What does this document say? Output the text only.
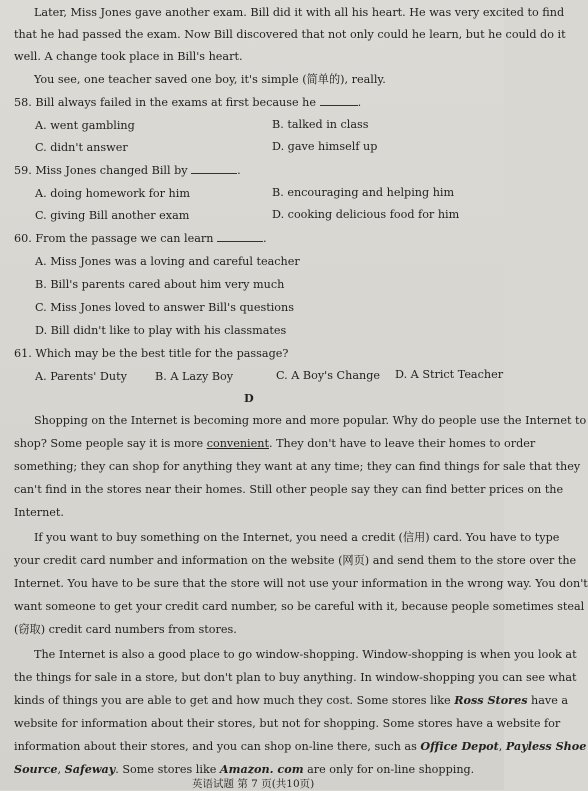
Later, Miss Jones gave another exam. Bill did it with all his heart. He was very excited to find
that he had passed the exam. Now Bill discovered that not only could he learn, but he could do it
well. A change took place in Bill's heart.
You see, one teacher saved one boy, it's simple (简单的), really.
58. Bill always failed in the exams at first because he	.
A. went gambling	B. talked in class
C. didn't answer	D. gave himself up
59. Miss Jones changed Bill by	.
A. doing homework for him	B. encouraging and helping him
C. giving Bill another exam	D. cooking delicious food for him
60. From the passage we can learn	.
A. Miss Jones was a loving and careful teacher
B. Bill's parents cared about him very much
C. Miss Jones loved to answer Bill's questions
D. Bill didn't like to play with his classmates
61. Which may be the best title for the passage?
A. Parents' Duty	B. A Lazy Boy	C. A Boy's Change D. A Strict Teacher
D
Shopping on the Internet is becoming more and more popular. Why do people use the Internet to
shop? Some people say it is more convenient. They don't have to leave their homes to order
something; they can shop for anything they want at any time; they can find things for sale that they
can't find in the stores near their homes. Still other people say they can find better prices on the
Internet.
If you want to buy something on the Internet, you need a credit (信用) card. You have to type
your credit card number and information on the website (网页) and send them to the store over the
Internet. You have to be sure that the store will not use your information in the wrong way. You don't
want someone to get your credit card number, so be careful with it, because people sometimes steal
(窃取) credit card numbers from stores.
The Internet is also a good place to go window-shopping. Window-shopping is when you look at
the things for sale in a store, but don't plan to buy anything. In window-shopping you can see what
kinds of things you are able to get and how much they cost. Some stores like Ross Stores have a
website for information about their stores, but not for shopping. Some stores have a website for
information about their stores, and you can shop on-line there, such as Office Depot, Payless Shoe
Source, Safeway. Some stores like Amazon. com are only for on-line shopping.
英语试题 第 7 页(共10页)
